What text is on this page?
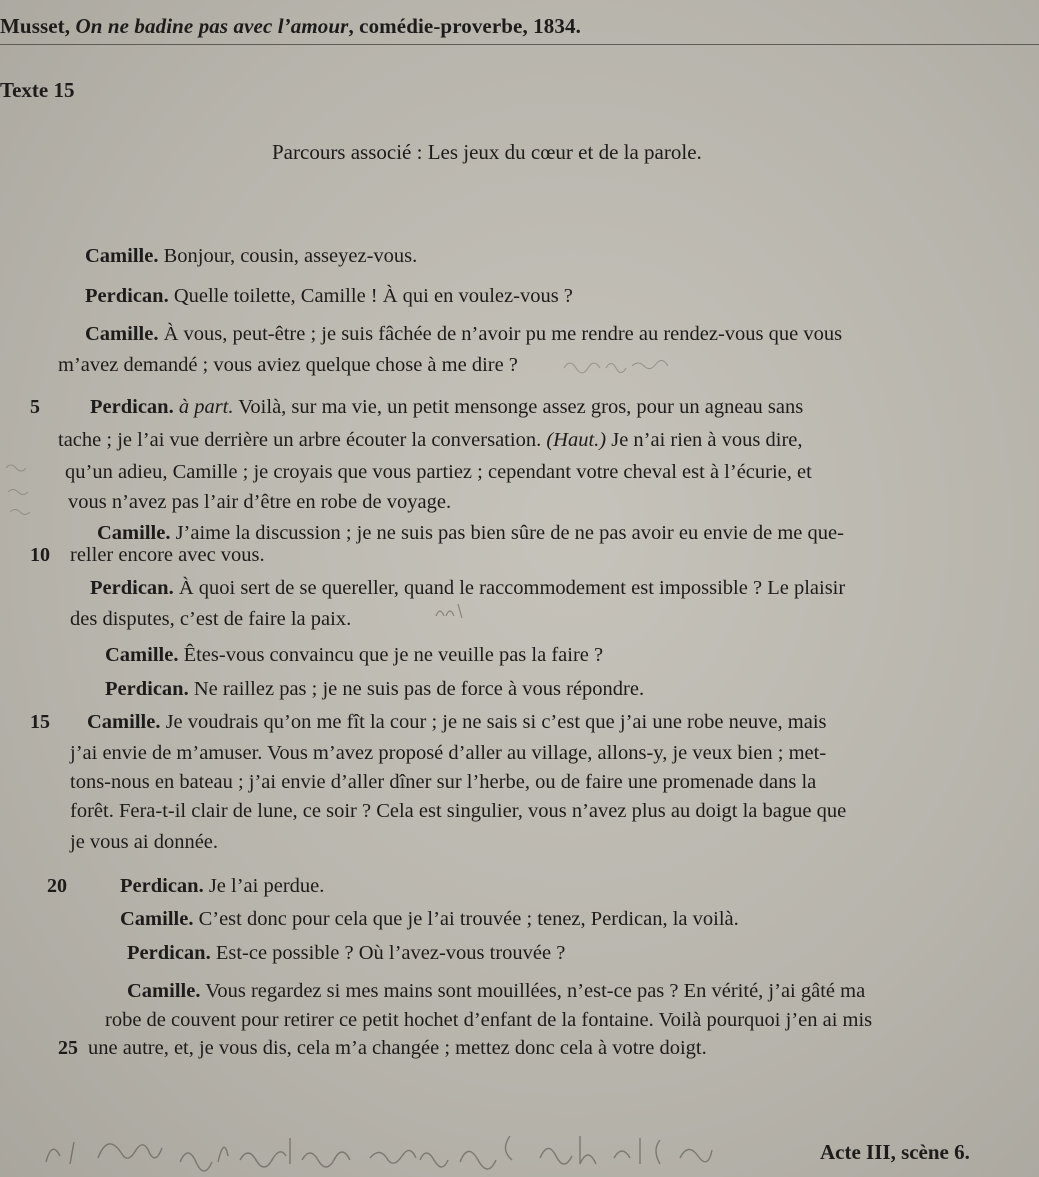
Musset, On ne badine pas avec l’amour, comédie-proverbe, 1834.
Texte 15
Parcours associé : Les jeux du cœur et de la parole.
5
10
15
20
25
Camille. Bonjour, cousin, asseyez-vous.
Perdican. Quelle toilette, Camille ! À qui en voulez-vous ?
Camille. À vous, peut-être ; je suis fâchée de n’avoir pu me rendre au rendez-vous que vous
m’avez demandé ; vous aviez quelque chose à me dire ?
Perdican. à part. Voilà, sur ma vie, un petit mensonge assez gros, pour un agneau sans
tache ; je l’ai vue derrière un arbre écouter la conversation. (Haut.) Je n’ai rien à vous dire,
qu’un adieu, Camille ; je croyais que vous partiez ; cependant votre cheval est à l’écurie, et
vous n’avez pas l’air d’être en robe de voyage.
Camille. J’aime la discussion ; je ne suis pas bien sûre de ne pas avoir eu envie de me que-
reller encore avec vous.
Perdican. À quoi sert de se quereller, quand le raccommodement est impossible ? Le plaisir
des disputes, c’est de faire la paix.
Camille. Êtes-vous convaincu que je ne veuille pas la faire ?
Perdican. Ne raillez pas ; je ne suis pas de force à vous répondre.
Camille. Je voudrais qu’on me fît la cour ; je ne sais si c’est que j’ai une robe neuve, mais
j’ai envie de m’amuser. Vous m’avez proposé d’aller au village, allons-y, je veux bien ; met-
tons-nous en bateau ; j’ai envie d’aller dîner sur l’herbe, ou de faire une promenade dans la
forêt. Fera-t-il clair de lune, ce soir ? Cela est singulier, vous n’avez plus au doigt la bague que
je vous ai donnée.
Perdican. Je l’ai perdue.
Camille. C’est donc pour cela que je l’ai trouvée ; tenez, Perdican, la voilà.
Perdican. Est-ce possible ? Où l’avez-vous trouvée ?
Camille. Vous regardez si mes mains sont mouillées, n’est-ce pas ? En vérité, j’ai gâté ma
robe de couvent pour retirer ce petit hochet d’enfant de la fontaine. Voilà pourquoi j’en ai mis
une autre, et, je vous dis, cela m’a changée ; mettez donc cela à votre doigt.
Acte III, scène 6.
